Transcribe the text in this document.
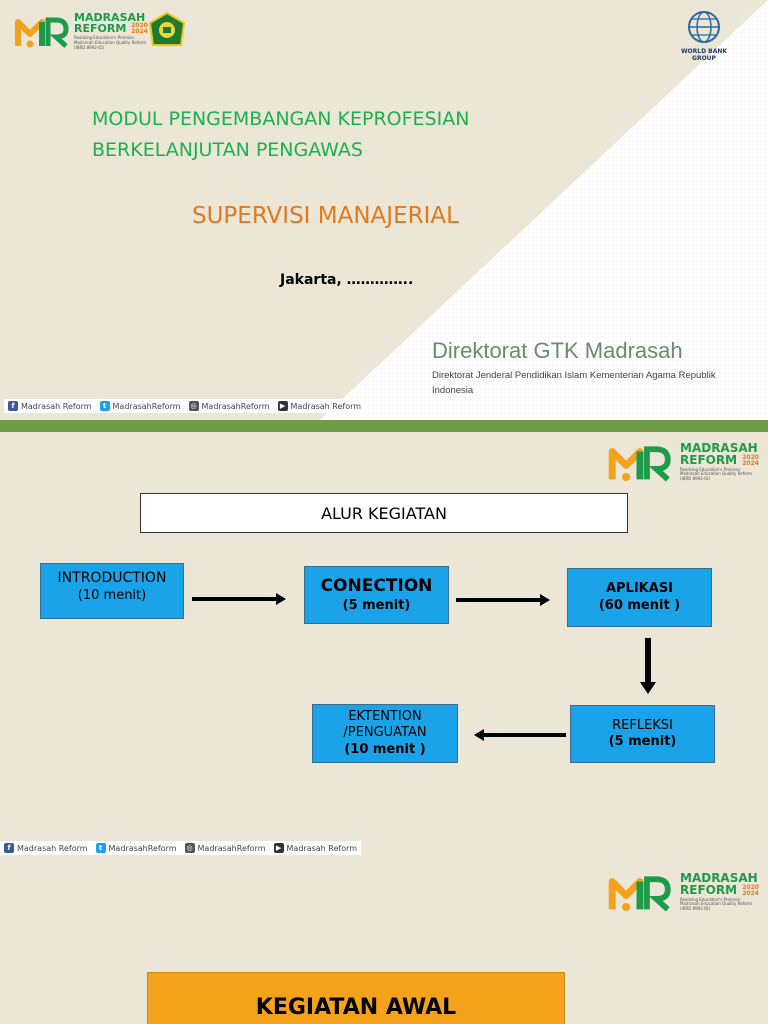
MADRASAH
REFORM 2020
2024
Realizing Education's Promise:
Madrasah Education Quality Reform
(IBRD 8992-ID)
WORLD BANK GROUP
MODUL PENGEMBANGAN KEPROFESIAN
BERKELANJUTAN PENGAWAS
SUPERVISI MANAJERIAL
Jakarta, …………..
Direktorat GTK Madrasah
Direktorat Jenderal Pendidikan Islam Kementerian Agama Republik
Indonesia
f Madrasah Reform	t MadrasahReform ◎ MadrasahReform	▶ Madrasah Reform
MADRASAH
REFORM 2020
2024
Realizing Education's Promise:
Madrasah Education Quality Reform
(IBRD 8992-ID)
ALUR KEGIATAN
INTRODUCTION
(10 menit)	CONECTION
(5 menit)
APLIKASI
(60 menit )
REFLEKSI
(5 menit)
EKTENTION
/PENGUATAN
(10 menit )
f Madrasah Reform	t MadrasahReform ◎ MadrasahReform	▶ Madrasah Reform
MADRASAH
REFORM 2020
2024
Realizing Education's Promise:
Madrasah Education Quality Reform
(IBRD 8992-ID)
KEGIATAN AWAL
